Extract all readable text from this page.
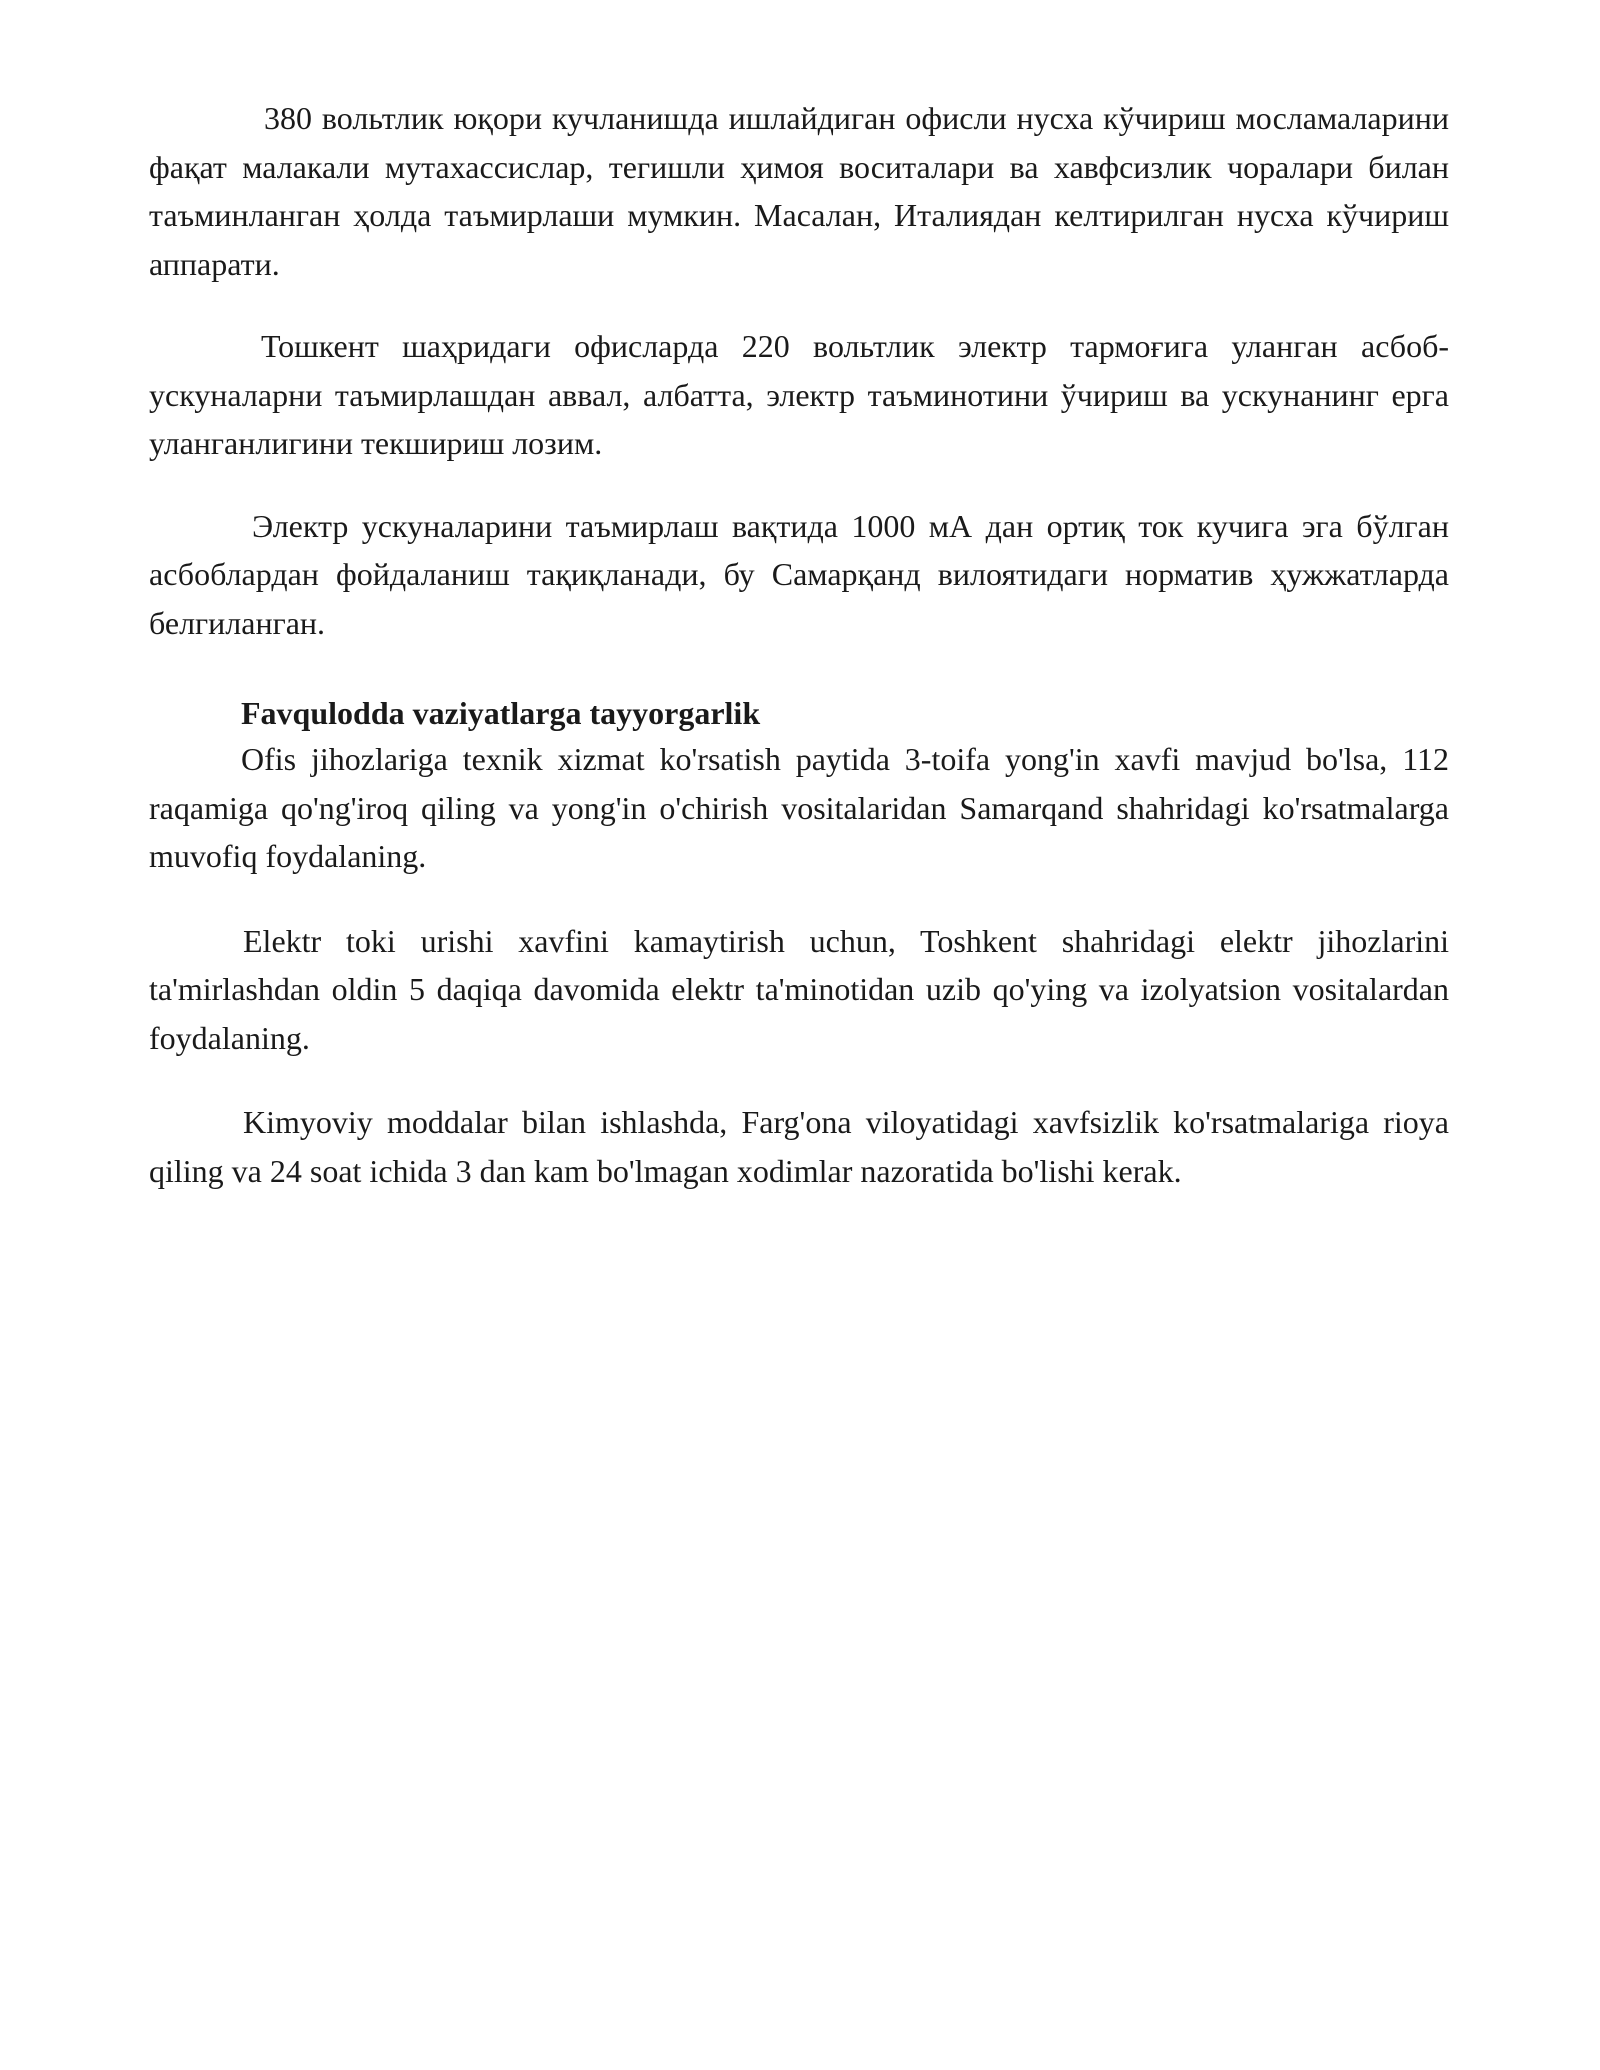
380 вольтлик юқори кучланишда ишлайдиган офисли нусха кўчириш мосламаларини фақат малакали мутахассислар, тегишли ҳимоя воситалари ва хавфсизлик чоралари билан таъминланган ҳолда таъмирлаши мумкин. Масалан, Италиядан келтирилган нусха кўчириш аппарати.

Тошкент шаҳридаги офисларда 220 вольтлик электр тармоғига уланган асбоб-ускуналарни таъмирлашдан аввал, албатта, электр таъминотини ўчириш ва ускунанинг ерга уланганлигини текшириш лозим.

Электр ускуналарини таъмирлаш вақтида 1000 мА дан ортиқ ток кучига эга бўлган асбоблардан фойдаланиш тақиқланади, бу Самарқанд вилоятидаги норматив ҳужжатларда белгиланган.

Favqulodda vaziyatlarga tayyorgarlik

Ofis jihozlariga texnik xizmat ko'rsatish paytida 3-toifa yong'in xavfi mavjud bo'lsa, 112 raqamiga qo'ng'iroq qiling va yong'in o'chirish vositalaridan Samarqand shahridagi ko'rsatmalarga muvofiq foydalaning.

Elektr toki urishi xavfini kamaytirish uchun, Toshkent shahridagi elektr jihozlarini ta'mirlashdan oldin 5 daqiqa davomida elektr ta'minotidan uzib qo'ying va izolyatsion vositalardan foydalaning.

Kimyoviy moddalar bilan ishlashda, Farg'ona viloyatidagi xavfsizlik ko'rsatmalariga rioya qiling va 24 soat ichida 3 dan kam bo'lmagan xodimlar nazoratida bo'lishi kerak.
